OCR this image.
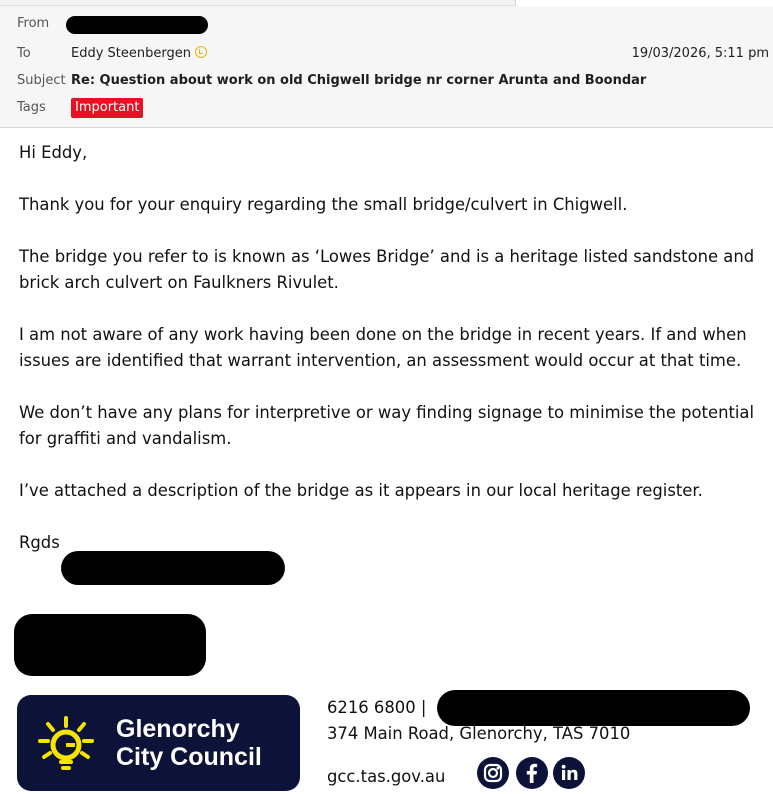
From
To	Eddy Steenbergen	19/03/2026, 5:11 pm
Subject Re: Question about work on old Chigwell bridge nr corner Arunta and Boondar
Tags	Important

Hi Eddy,

Thank you for your enquiry regarding the small bridge/culvert in Chigwell.

The bridge you refer to is known as ‘Lowes Bridge’ and is a heritage listed sandstone and brick arch culvert on Faulkners Rivulet.

I am not aware of any work having been done on the bridge in recent years. If and when issues are identified that warrant intervention, an assessment would occur at that time.

We don’t have any plans for interpretive or way finding signage to minimise the potential for graffiti and vandalism.

I’ve attached a description of the bridge as it appears in our local heritage register.

Rgds

Glenorchy
City Council
6216 6800 |
374 Main Road, Glenorchy, TAS 7010
gcc.tas.gov.au
